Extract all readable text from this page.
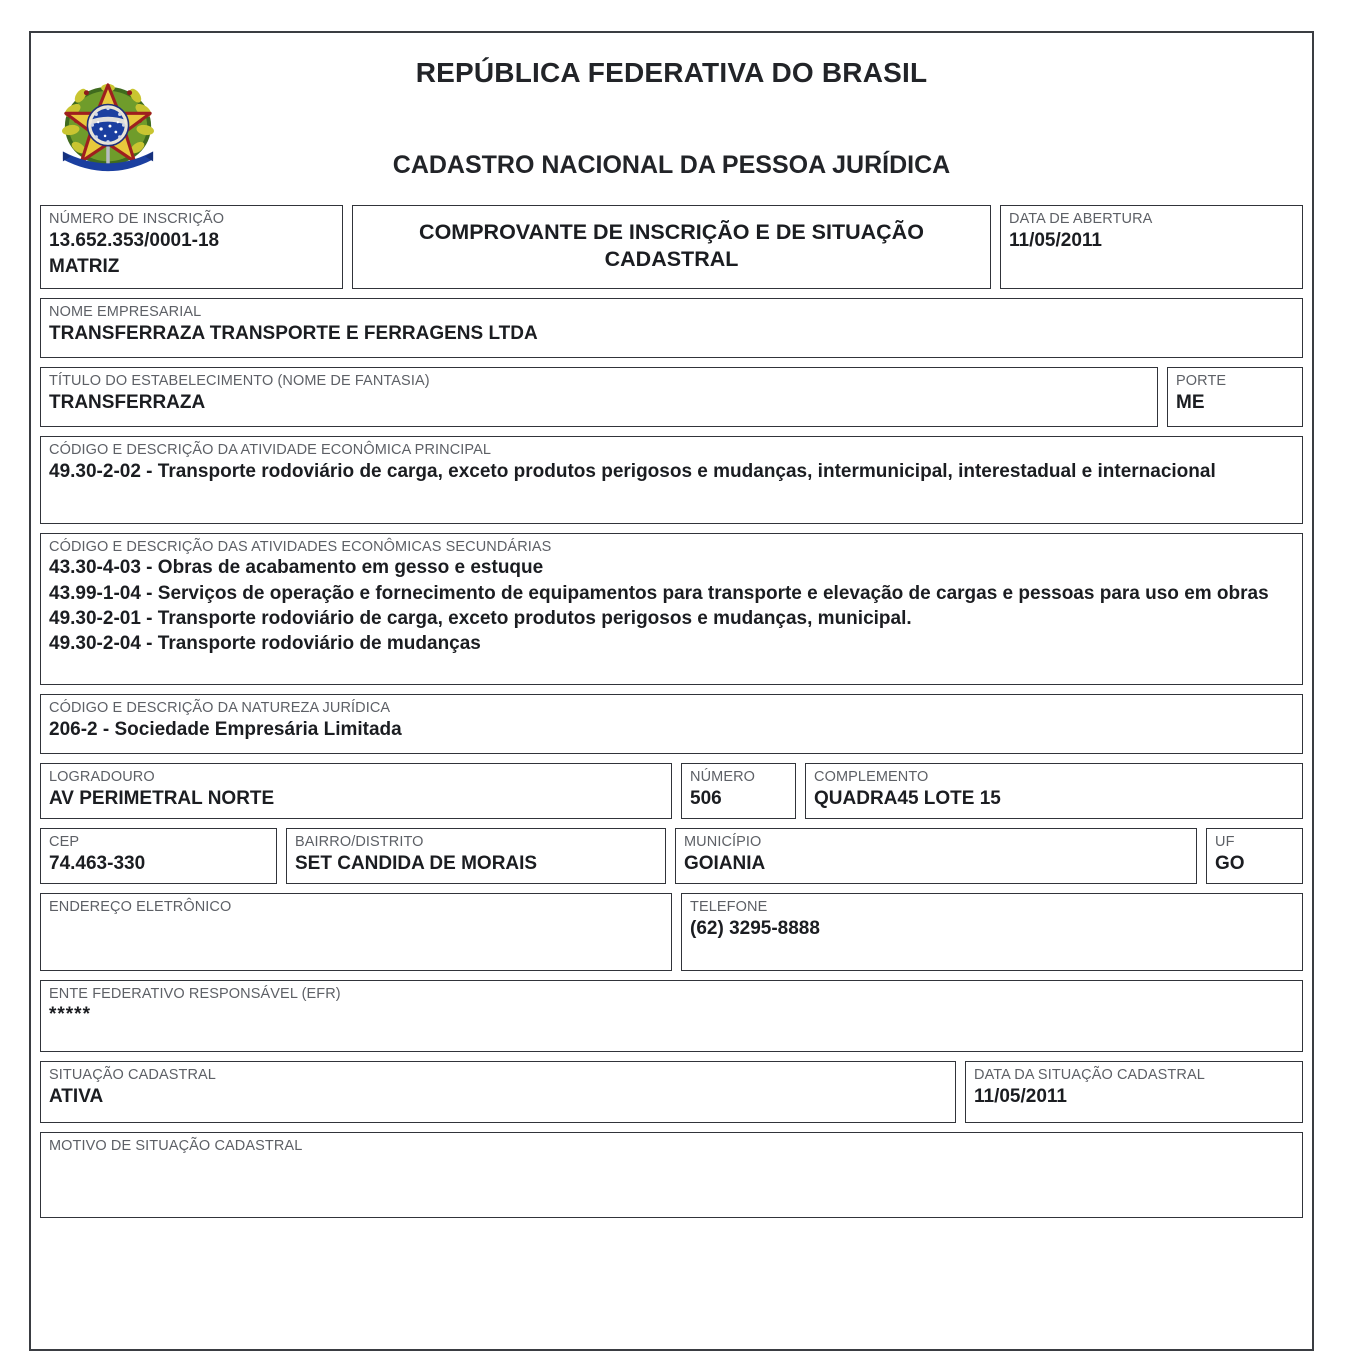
REPÚBLICA FEDERATIVA DO BRASIL
CADASTRO NACIONAL DA PESSOA JURÍDICA
NÚMERO DE INSCRIÇÃO
13.652.353/0001-18
MATRIZ
COMPROVANTE DE INSCRIÇÃO E DE SITUAÇÃO CADASTRAL
DATA DE ABERTURA
11/05/2011
NOME EMPRESARIAL
TRANSFERRAZA TRANSPORTE E FERRAGENS LTDA
TÍTULO DO ESTABELECIMENTO (NOME DE FANTASIA)
TRANSFERRAZA
PORTE
ME
CÓDIGO E DESCRIÇÃO DA ATIVIDADE ECONÔMICA PRINCIPAL
49.30-2-02 - Transporte rodoviário de carga, exceto produtos perigosos e mudanças, intermunicipal, interestadual e internacional
CÓDIGO E DESCRIÇÃO DAS ATIVIDADES ECONÔMICAS SECUNDÁRIAS
43.30-4-03 - Obras de acabamento em gesso e estuque
43.99-1-04 - Serviços de operação e fornecimento de equipamentos para transporte e elevação de cargas e pessoas para uso em obras
49.30-2-01 - Transporte rodoviário de carga, exceto produtos perigosos e mudanças, municipal.
49.30-2-04 - Transporte rodoviário de mudanças
CÓDIGO E DESCRIÇÃO DA NATUREZA JURÍDICA
206-2 - Sociedade Empresária Limitada
LOGRADOURO
AV PERIMETRAL NORTE
NÚMERO
506
COMPLEMENTO
QUADRA45 LOTE 15
CEP
74.463-330
BAIRRO/DISTRITO
SET CANDIDA DE MORAIS
MUNICÍPIO
GOIANIA
UF
GO
ENDEREÇO ELETRÔNICO	TELEFONE
(62) 3295-8888
ENTE FEDERATIVO RESPONSÁVEL (EFR)
*****
SITUAÇÃO CADASTRAL
ATIVA
DATA DA SITUAÇÃO CADASTRAL
11/05/2011
MOTIVO DE SITUAÇÃO CADASTRAL
